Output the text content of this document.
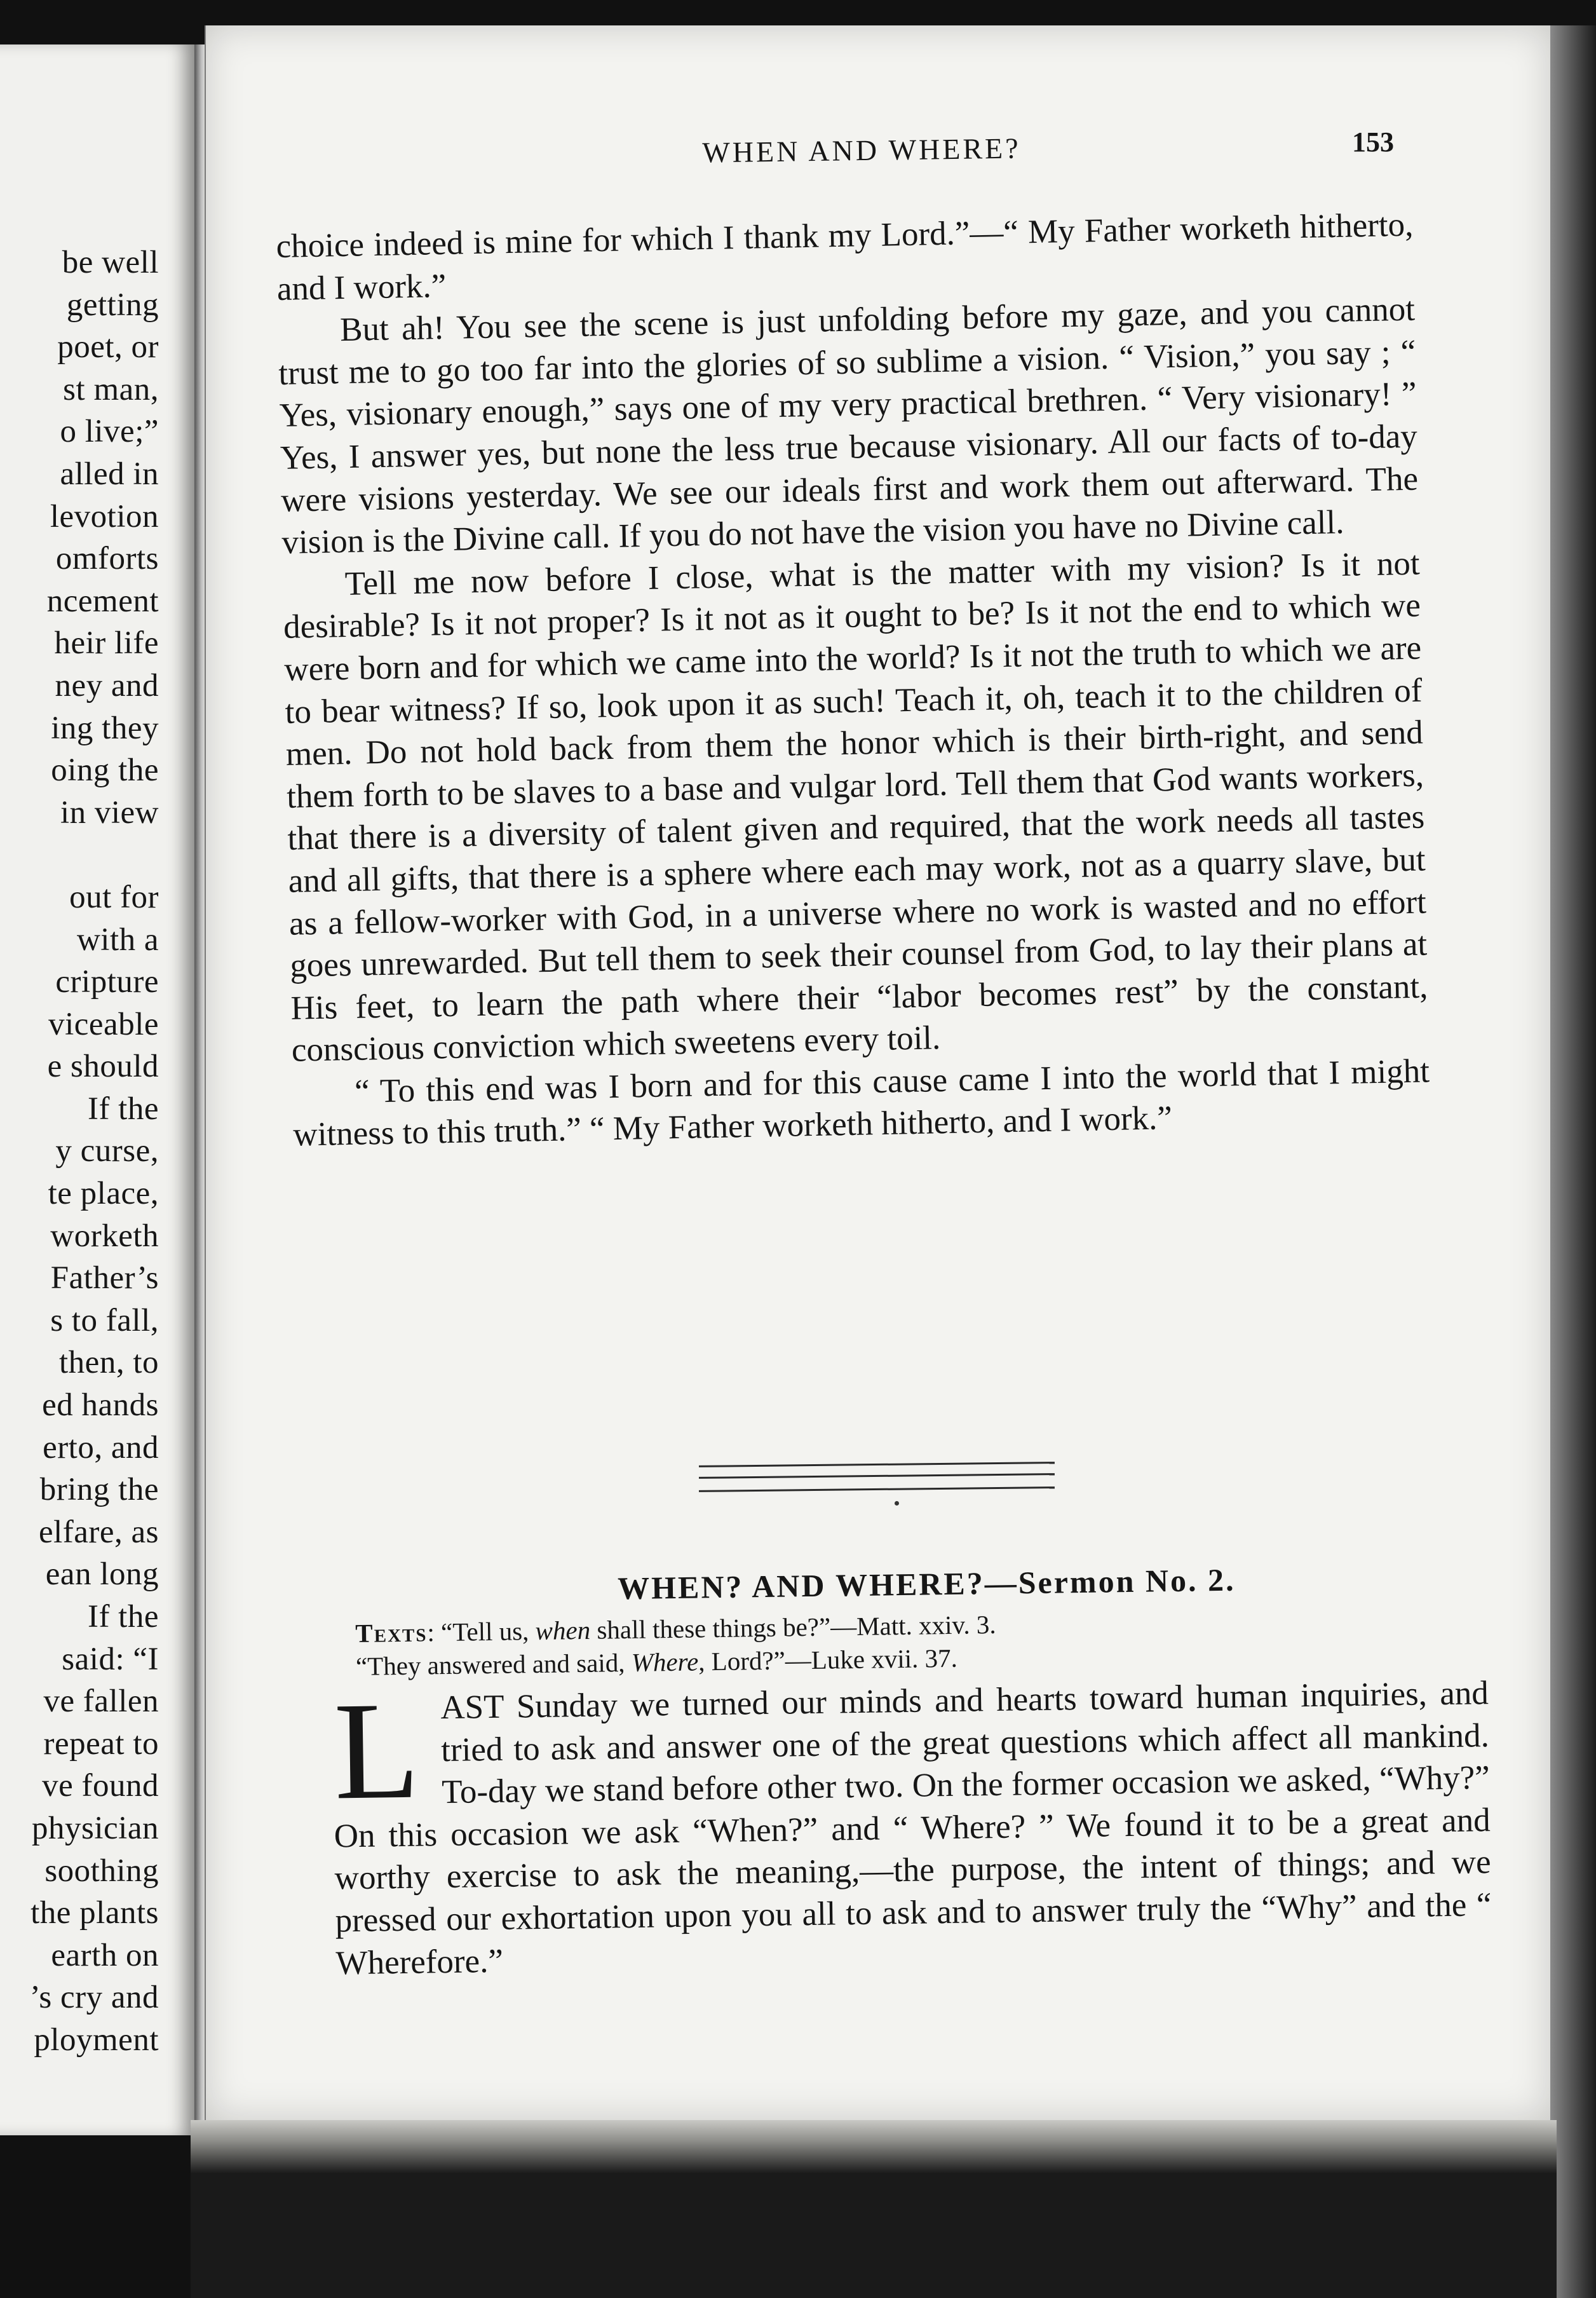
be well
getting
poet, or
st man,
o live;”
alled in
levotion
omforts
ncement
heir life
ney and
ing they
oing the
in view

out for
with a
cripture
viceable
e should
If the
y curse,
te place,
worketh
Father’s
s to fall,
then, to
ed hands
erto, and
bring the
elfare, as
ean long
If the
said: “I
ve fallen
repeat to
ve found
physician
soothing
the plants
earth on
’s cry and
ployment
WHEN AND WHERE?	153

choice indeed is mine for which I thank my Lord.”—“ My Father worketh hitherto, and I work.”

But ah! You see the scene is just unfolding before my gaze, and you cannot trust me to go too far into the glories of so sublime a vision. “ Vision,” you say ; “ Yes, visionary enough,” says one of my very practical brethren. “ Very visionary! ” Yes, I answer yes, but none the less true because visionary. All our facts of to-day were visions yesterday. We see our ideals first and work them out afterward. The vision is the Divine call. If you do not have the vision you have no Divine call.

Tell me now before I close, what is the matter with my vision? Is it not desirable? Is it not proper? Is it not as it ought to be? Is it not the end to which we were born and for which we came into the world? Is it not the truth to which we are to bear witness? If so, look upon it as such! Teach it, oh, teach it to the children of men. Do not hold back from them the honor which is their birth-right, and send them forth to be slaves to a base and vulgar lord. Tell them that God wants workers, that there is a diversity of talent given and required, that the work needs all tastes and all gifts, that there is a sphere where each may work, not as a quarry slave, but as a fellow-worker with God, in a universe where no work is wasted and no effort goes unrewarded. But tell them to seek their counsel from God, to lay their plans at His feet, to learn the path where their “labor becomes rest” by the constant, conscious conviction which sweetens every toil.

“ To this end was I born and for this cause came I into the world that I might witness to this truth.” “ My Father worketh hitherto, and I work.”

WHEN? AND WHERE?—Sermon No. 2.
Texts: “Tell us, when shall these things be?”—Matt. xxiv. 3.
“They answered and said, Where, Lord?”—Luke xvii. 37.

LAST Sunday we turned our minds and hearts toward human inquiries, and tried to ask and answer one of the great questions which affect all mankind. To-day we stand before other two. On the former occasion we asked, “Why?” On this occasion we ask “When?” and “ Where? ” We found it to be a great and worthy exercise to ask the meaning,—the purpose, the intent of things; and we pressed our exhortation upon you all to ask and to answer truly the “Why” and the “ Wherefore.”
